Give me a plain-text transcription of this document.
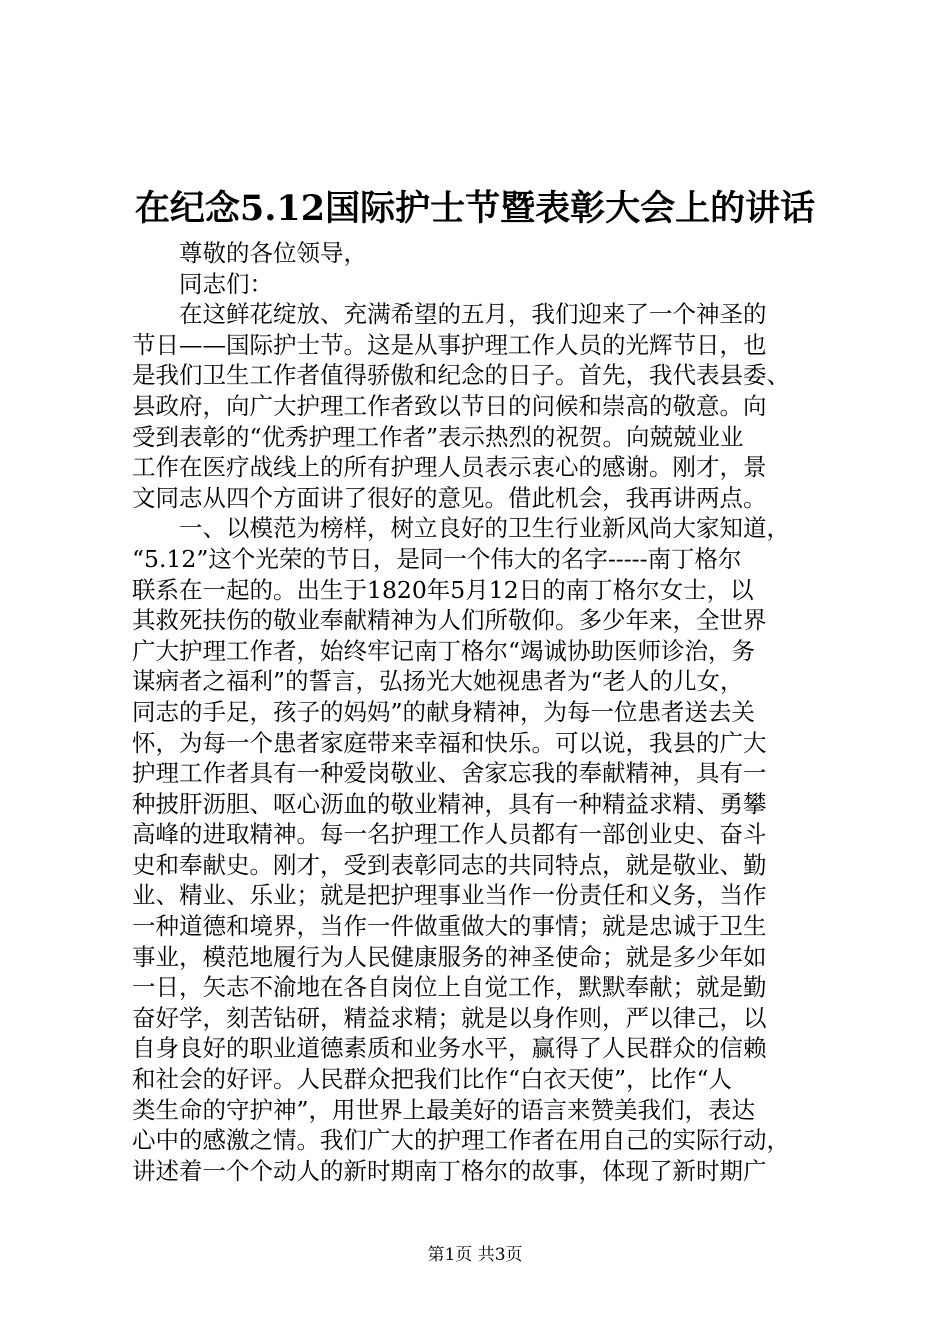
在纪念5.12国际护士节暨表彰大会上的讲话
尊敬的各位领导，
同志们：
在这鲜花绽放、充满希望的五月，我们迎来了一个神圣的
节日——国际护士节。这是从事护理工作人员的光辉节日，也
是我们卫生工作者值得骄傲和纪念的日子。首先，我代表县委、
县政府，向广大护理工作者致以节日的问候和崇高的敬意。向
受到表彰的“优秀护理工作者”表示热烈的祝贺。向兢兢业业
工作在医疗战线上的所有护理人员表示衷心的感谢。刚才，景
文同志从四个方面讲了很好的意见。借此机会，我再讲两点。
一、以模范为榜样，树立良好的卫生行业新风尚大家知道，
“5.12”这个光荣的节日，是同一个伟大的名字-----南丁格尔
联系在一起的。出生于1820年5月12日的南丁格尔女士，以
其救死扶伤的敬业奉献精神为人们所敬仰。多少年来，全世界
广大护理工作者，始终牢记南丁格尔“竭诚协助医师诊治，务
谋病者之福利”的誓言，弘扬光大她视患者为“老人的儿女，
同志的手足，孩子的妈妈”的献身精神，为每一位患者送去关
怀，为每一个患者家庭带来幸福和快乐。可以说，我县的广大
护理工作者具有一种爱岗敬业、舍家忘我的奉献精神，具有一
种披肝沥胆、呕心沥血的敬业精神，具有一种精益求精、勇攀
高峰的进取精神。每一名护理工作人员都有一部创业史、奋斗
史和奉献史。刚才，受到表彰同志的共同特点，就是敬业、勤
业、精业、乐业；就是把护理事业当作一份责任和义务，当作
一种道德和境界，当作一件做重做大的事情；就是忠诚于卫生
事业，模范地履行为人民健康服务的神圣使命；就是多少年如
一日，矢志不渝地在各自岗位上自觉工作，默默奉献；就是勤
奋好学，刻苦钻研，精益求精；就是以身作则，严以律己，以
自身良好的职业道德素质和业务水平，赢得了人民群众的信赖
和社会的好评。人民群众把我们比作“白衣天使”，比作“人
类生命的守护神”，用世界上最美好的语言来赞美我们，表达
心中的感激之情。我们广大的护理工作者在用自己的实际行动，
讲述着一个个动人的新时期南丁格尔的故事，体现了新时期广
第1页 共3页
